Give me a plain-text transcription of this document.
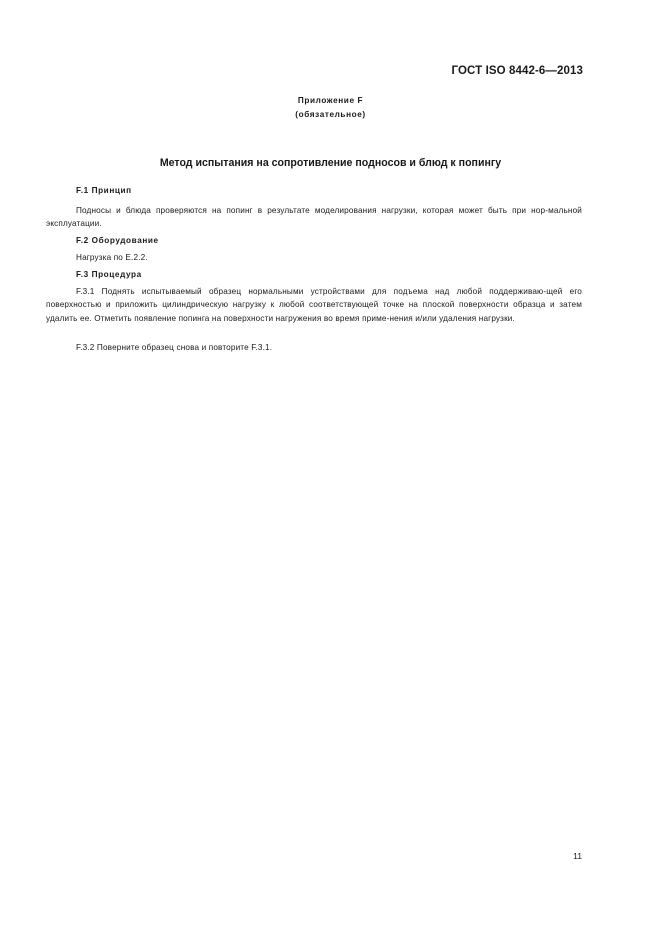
ГОСТ ISO 8442-6—2013
Приложение F
(обязательное)
Метод испытания на сопротивление подносов и блюд к попингу

F.1 Принцип

Подносы и блюда проверяются на попинг в результате моделирования нагрузки, которая может быть при нор-мальной эксплуатации.

F.2 Оборудование

Нагрузка по E.2.2.

F.3 Процедура

F.3.1 Поднять испытываемый образец нормальными устройствами для подъема над любой поддерживаю-щей его поверхностью и приложить цилиндрическую нагрузку к любой соответствующей точке на плоской поверхности образца и затем удалить ее. Отметить появление попинга на поверхности нагружения во время приме-нения и/или удаления нагрузки.

F.3.2 Поверните образец снова и повторите F.3.1.

11
